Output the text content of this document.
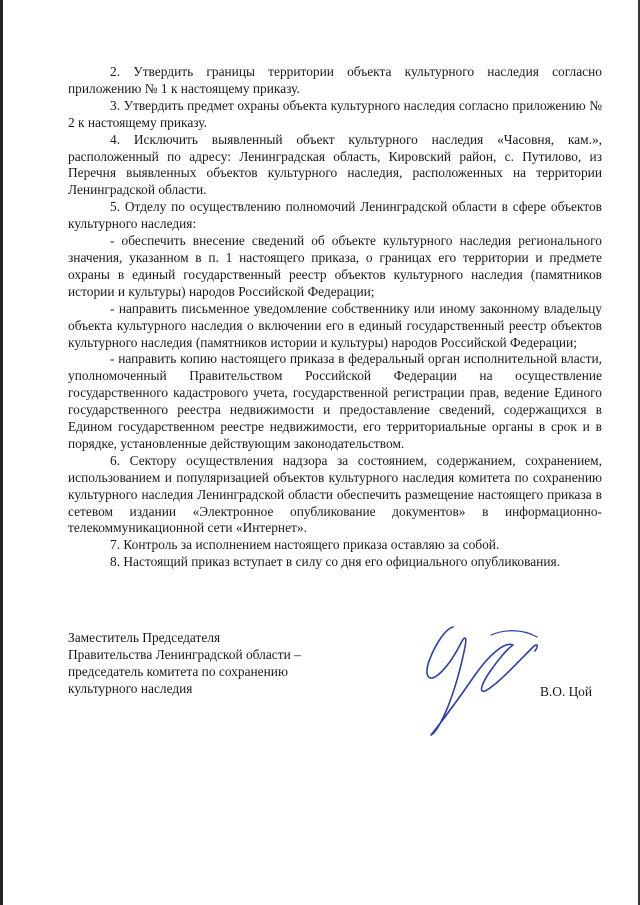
2. Утвердить границы территории объекта культурного наследия согласно приложению № 1 к настоящему приказу.

3. Утвердить предмет охраны объекта культурного наследия согласно приложению № 2 к настоящему приказу.

4. Исключить выявленный объект культурного наследия «Часовня, кам.», расположенный по адресу: Ленинградская область, Кировский район, с. Путилово, из Перечня выявленных объектов культурного наследия, расположенных на территории Ленинградской области.

5. Отделу по осуществлению полномочий Ленинградской области в сфере объектов культурного наследия:

- обеспечить внесение сведений об объекте культурного наследия регионального значения, указанном в п. 1 настоящего приказа, о границах его территории и предмете охраны в единый государственный реестр объектов культурного наследия (памятников истории и культуры) народов Российской Федерации;

- направить письменное уведомление собственнику или иному законному владельцу объекта культурного наследия о включении его в единый государственный реестр объектов культурного наследия (памятников истории и культуры) народов Российской Федерации;

- направить копию настоящего приказа в федеральный орган исполнительной власти, уполномоченный Правительством Российской Федерации на осуществление государственного кадастрового учета, государственной регистрации прав, ведение Единого государственного реестра недвижимости и предоставление сведений, содержащихся в Едином государственном реестре недвижимости, его территориальные органы в срок и в порядке, установленные действующим законодательством.

6. Сектору осуществления надзора за состоянием, содержанием, сохранением, использованием и популяризацией объектов культурного наследия комитета по сохранению культурного наследия Ленинградской области обеспечить размещение настоящего приказа в сетевом издании «Электронное опубликование документов» в информационно-телекоммуникационной сети «Интернет».

7. Контроль за исполнением настоящего приказа оставляю за собой.

8. Настоящий приказ вступает в силу со дня его официального опубликования.

Заместитель Председателя
Правительства Ленинградской области –
председатель комитета по сохранению
культурного наследия	В.О. Цой
